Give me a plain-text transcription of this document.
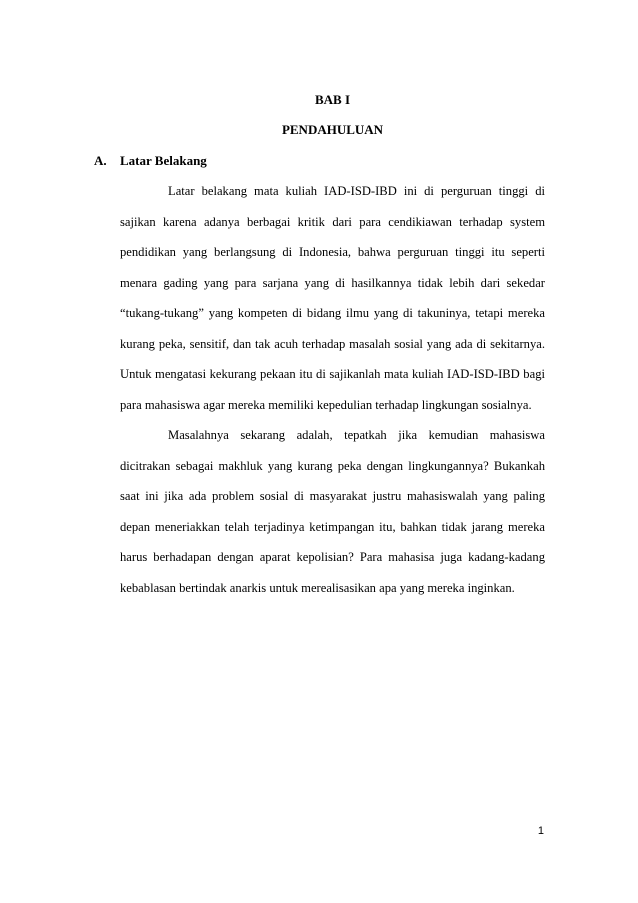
BAB I
PENDAHULUAN
A. Latar Belakang

Latar belakang mata kuliah IAD-ISD-IBD ini di perguruan tinggi di sajikan karena adanya berbagai kritik dari para cendikiawan terhadap system pendidikan yang berlangsung di Indonesia, bahwa perguruan tinggi itu seperti menara gading yang para sarjana yang di hasilkannya tidak lebih dari sekedar “tukang-tukang” yang kompeten di bidang ilmu yang di takuninya, tetapi mereka kurang peka, sensitif, dan tak acuh terhadap masalah sosial yang ada di sekitarnya. Untuk mengatasi kekurang pekaan itu di sajikanlah mata kuliah IAD-ISD-IBD bagi para mahasiswa agar mereka memiliki kepedulian terhadap lingkungan sosialnya.

Masalahnya sekarang adalah, tepatkah jika kemudian mahasiswa dicitrakan sebagai makhluk yang kurang peka dengan lingkungannya? Bukankah saat ini jika ada problem sosial di masyarakat justru mahasiswalah yang paling depan meneriakkan telah terjadinya ketimpangan itu, bahkan tidak jarang mereka harus berhadapan dengan aparat kepolisian? Para mahasisa juga kadang-kadang kebablasan bertindak anarkis untuk merealisasikan apa yang mereka inginkan.

1
